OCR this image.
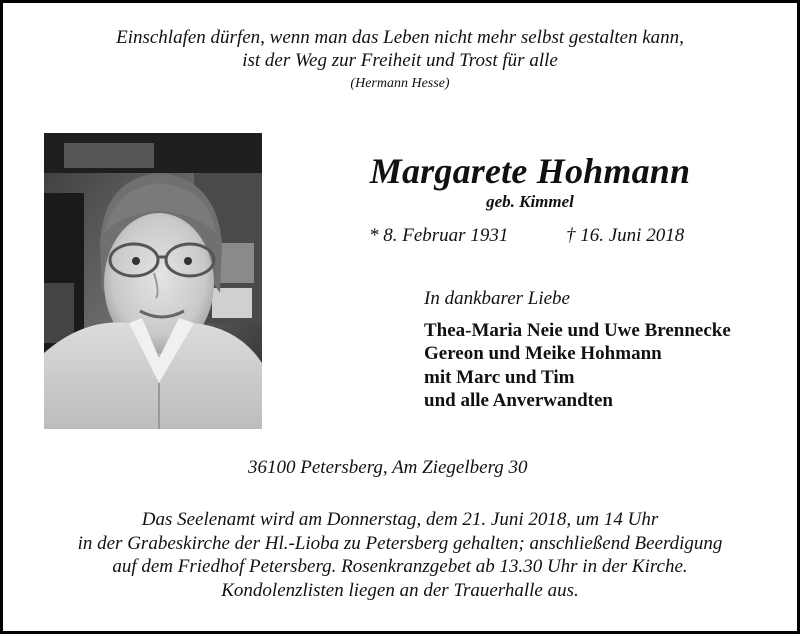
Einschlafen dürfen, wenn man das Leben nicht mehr selbst gestalten kann,
ist der Weg zur Freiheit und Trost für alle
(Hermann Hesse)
Margarete Hohmann
geb. Kimmel
* 8. Februar 1931	† 16. Juni 2018
In dankbarer Liebe
Thea-Maria Neie und Uwe Brennecke
Gereon und Meike Hohmann
mit Marc und Tim
und alle Anverwandten
36100 Petersberg, Am Ziegelberg 30
Das Seelenamt wird am Donnerstag, dem 21. Juni 2018, um 14 Uhr
in der Grabeskirche der Hl.-Lioba zu Petersberg gehalten; anschließend Beerdigung
auf dem Friedhof Petersberg. Rosenkranzgebet ab 13.30 Uhr in der Kirche.
Kondolenzlisten liegen an der Trauerhalle aus.
